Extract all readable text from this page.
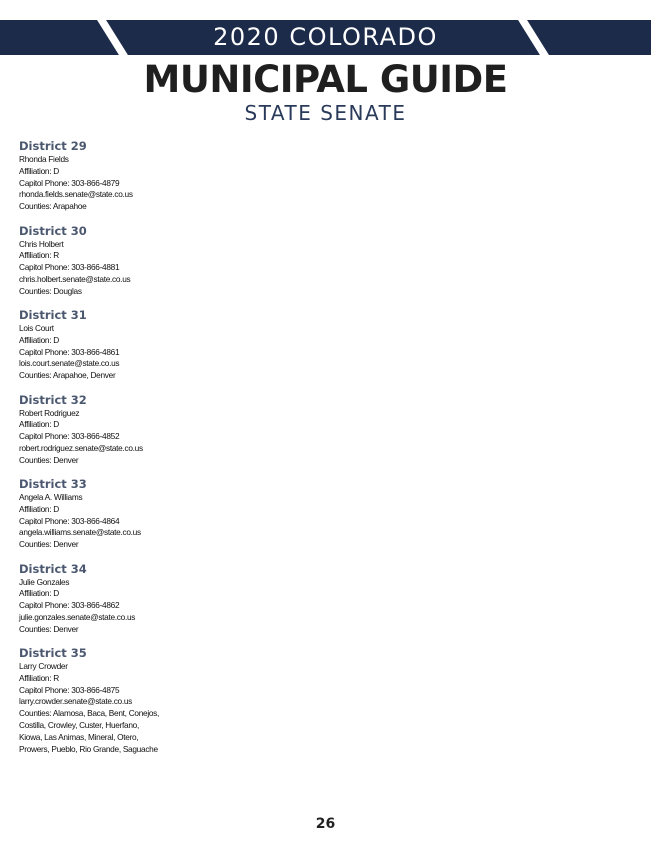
2020 COLORADO
MUNICIPAL GUIDE
STATE SENATE
District 29
Rhonda Fields
Affiliation: D
Capitol Phone: 303-866-4879
rhonda.fields.senate@state.co.us
Counties: Arapahoe
District 30
Chris Holbert
Affiliation: R
Capitol Phone: 303-866-4881
chris.holbert.senate@state.co.us
Counties: Douglas
District 31
Lois Court
Affiliation: D
Capitol Phone: 303-866-4861
lois.court.senate@state.co.us
Counties: Arapahoe, Denver
District 32
Robert Rodriguez
Affiliation: D
Capitol Phone: 303-866-4852
robert.rodriguez.senate@state.co.us
Counties: Denver
District 33
Angela A. Williams
Affiliation: D
Capitol Phone: 303-866-4864
angela.williams.senate@state.co.us
Counties: Denver
District 34
Julie Gonzales
Affiliation: D
Capitol Phone: 303-866-4862
julie.gonzales.senate@state.co.us
Counties: Denver
District 35
Larry Crowder
Affiliation: R
Capitol Phone: 303-866-4875
larry.crowder.senate@state.co.us
Counties: Alamosa, Baca, Bent, Conejos, Costilla, Crowley, Custer, Huerfano, Kiowa, Las Animas, Mineral, Otero, Prowers, Pueblo, Rio Grande, Saguache
26
